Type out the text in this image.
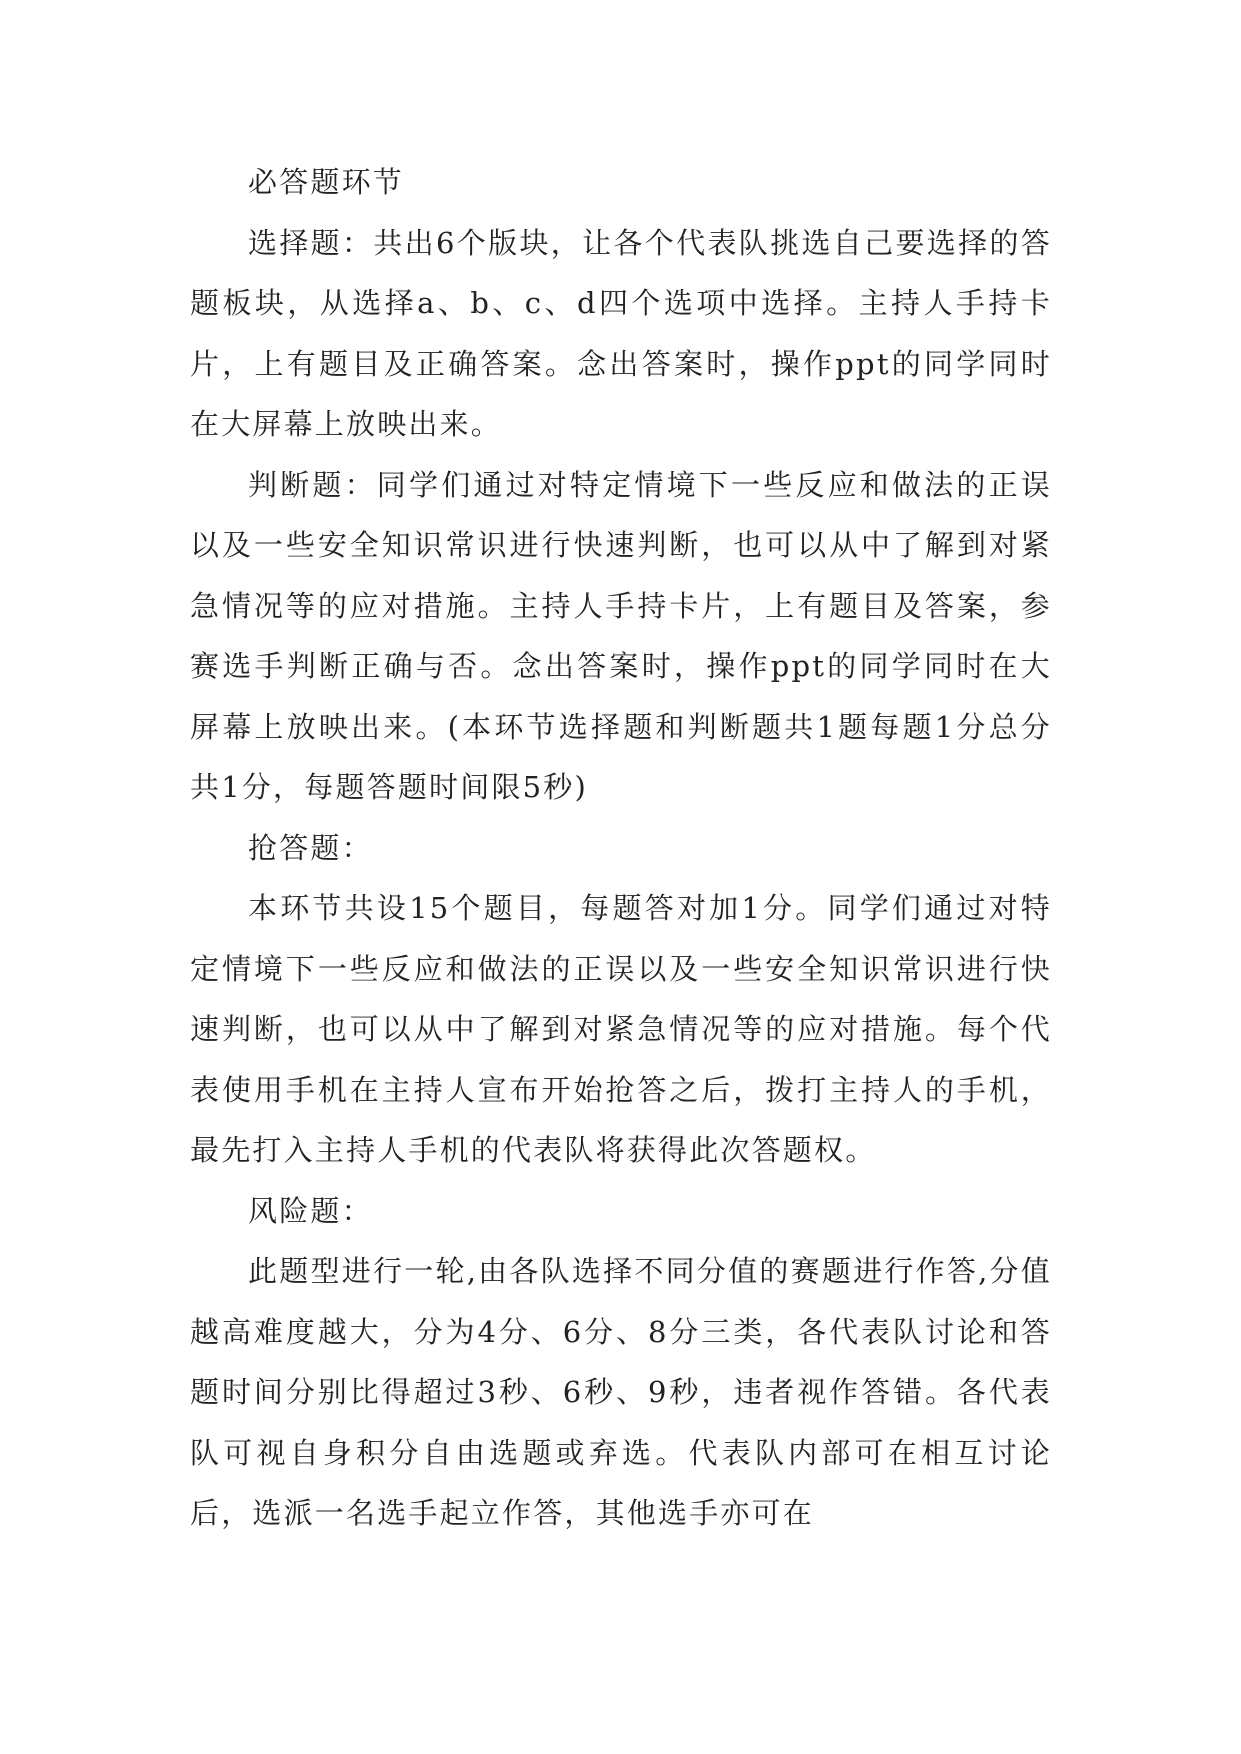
必答题环节

选择题：共出6个版块，让各个代表队挑选自己要选择的答题板块，从选择a、b、c、d四个选项中选择。主持人手持卡片，上有题目及正确答案。念出答案时，操作ppt的同学同时在大屏幕上放映出来。

判断题：同学们通过对特定情境下一些反应和做法的正误以及一些安全知识常识进行快速判断，也可以从中了解到对紧急情况等的应对措施。主持人手持卡片，上有题目及答案，参赛选手判断正确与否。念出答案时，操作ppt的同学同时在大屏幕上放映出来。(本环节选择题和判断题共1题每题1分总分共1分，每题答题时间限5秒)

抢答题：

本环节共设15个题目，每题答对加1分。同学们通过对特定情境下一些反应和做法的正误以及一些安全知识常识进行快速判断，也可以从中了解到对紧急情况等的应对措施。每个代表使用手机在主持人宣布开始抢答之后，拨打主持人的手机，最先打入主持人手机的代表队将获得此次答题权。

风险题：

此题型进行一轮,由各队选择不同分值的赛题进行作答,分值越高难度越大，分为4分、6分、8分三类，各代表队讨论和答题时间分别比得超过3秒、6秒、9秒，违者视作答错。各代表队可视自身积分自由选题或弃选。代表队内部可在相互讨论后，选派一名选手起立作答，其他选手亦可在
